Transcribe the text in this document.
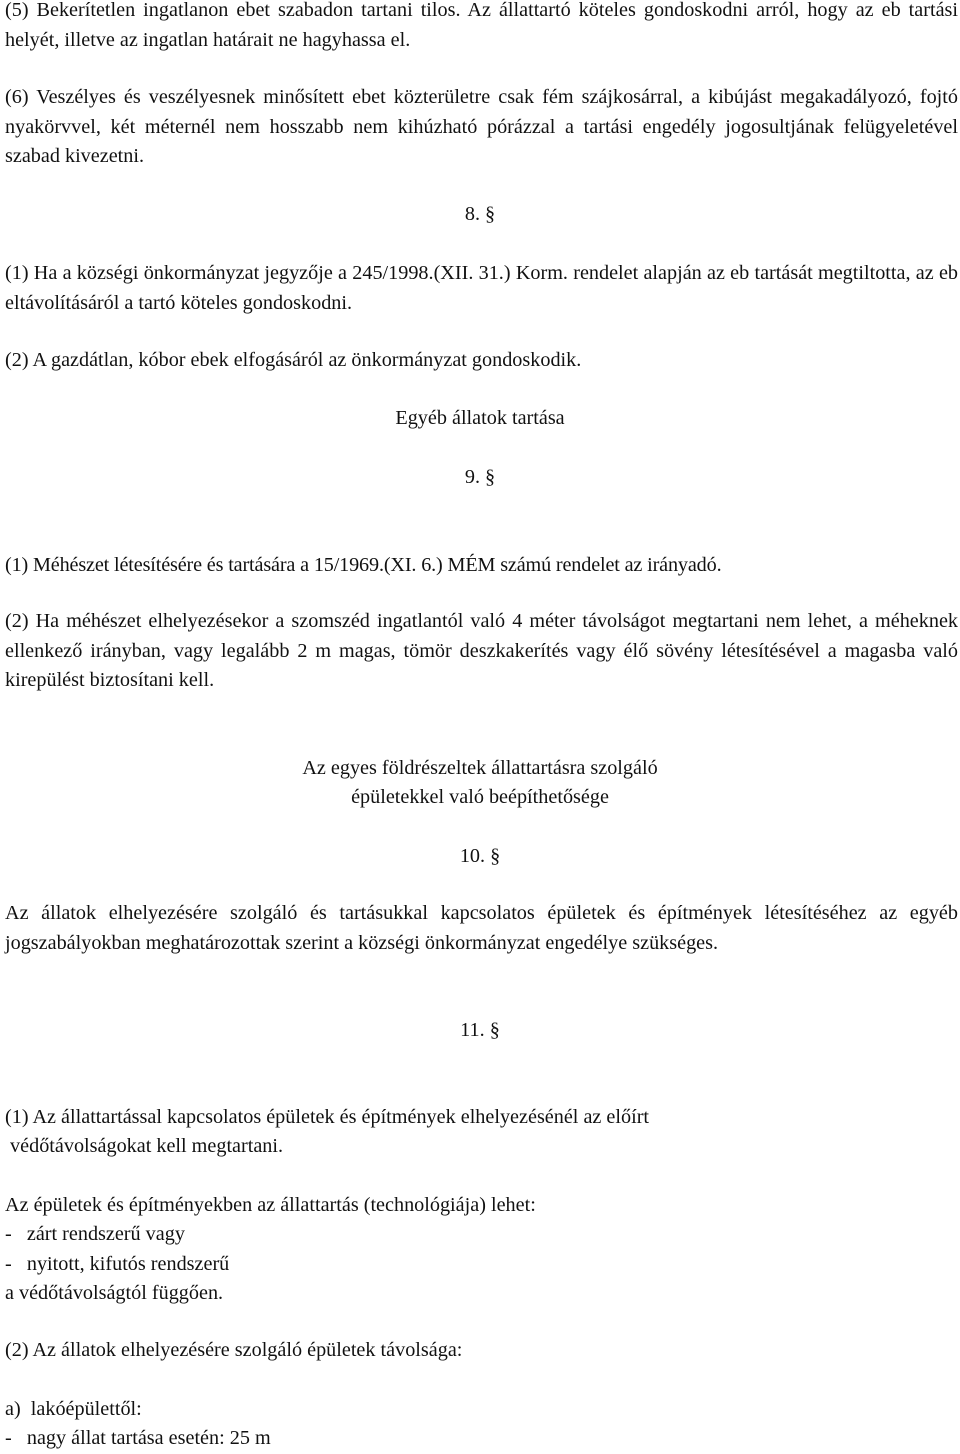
(5) Bekerítetlen ingatlanon ebet szabadon tartani tilos. Az állattartó köteles gondoskodni arról, hogy az eb tartási helyét, illetve az ingatlan határait ne hagyhassa el.

(6) Veszélyes és veszélyesnek minősített ebet közterületre csak fém szájkosárral, a kibújást megakadályozó, fojtó nyakörvvel, két méternél nem hosszabb nem kihúzható pórázzal a tartási engedély jogosultjának felügyeletével szabad kivezetni.

8. §

(1) Ha a községi önkormányzat jegyzője a 245/1998.(XII. 31.) Korm. rendelet alapján az eb tartását megtiltotta, az eb eltávolításáról a tartó köteles gondoskodni.

(2) A gazdátlan, kóbor ebek elfogásáról az önkormányzat gondoskodik.

Egyéb állatok tartása
9. §

(1) Méhészet létesítésére és tartására a 15/1969.(XI. 6.) MÉM számú rendelet az irányadó.

(2) Ha méhészet elhelyezésekor a szomszéd ingatlantól való 4 méter távolságot megtartani nem lehet, a méheknek ellenkező irányban, vagy legalább 2 m magas, tömör deszkakerítés vagy élő sövény létesítésével a magasba való kirepülést biztosítani kell.

Az egyes földrészeltek állattartásra szolgáló
épületekkel való beépíthetősége
10. §

Az állatok elhelyezésére szolgáló és tartásukkal kapcsolatos épületek és építmények létesítéséhez az egyéb jogszabályokban meghatározottak szerint a községi önkormányzat engedélye szükséges.

11. §
(1) Az állattartással kapcsolatos épületek és építmények elhelyezésénél az előírt
védőtávolságokat kell megtartani.
Az épületek és építményekben az állattartás (technológiája) lehet:
-   zárt rendszerű vagy
-   nyitott, kifutós rendszerű
a védőtávolságtól függően.
(2) Az állatok elhelyezésére szolgáló épületek távolsága:
a)  lakóépülettől:
-   nagy állat tartása esetén: 25 m
